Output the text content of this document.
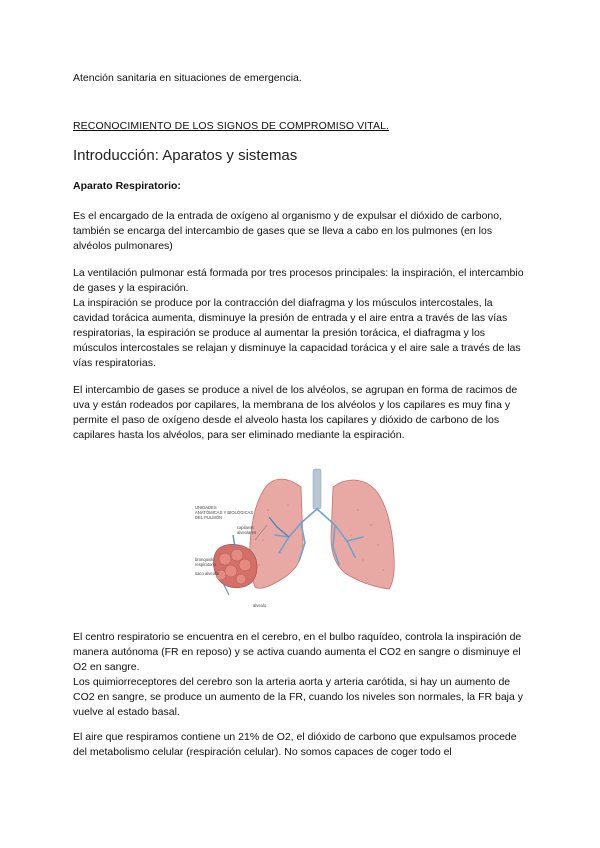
Atención sanitaria en situaciones de emergencia.
RECONOCIMIENTO DE LOS SIGNOS DE COMPROMISO VITAL.
Introducción: Aparatos y sistemas
Aparato Respiratorio:
Es el encargado de la entrada de oxígeno al organismo y de expulsar el dióxido de carbono, también se encarga del intercambio de gases que se lleva a cabo en los pulmones (en los alvéolos pulmonares)
La ventilación pulmonar está formada por tres procesos principales: la inspiración, el intercambio de gases y la espiración.
La inspiración se produce por la contracción del diafragma y los músculos intercostales, la cavidad torácica aumenta, disminuye la presión de entrada y el aire entra a través de las vías respiratorias, la espiración se produce al aumentar la presión torácica, el diafragma y los músculos intercostales se relajan y disminuye la capacidad torácica y el aire sale a través de las vías respiratorias.
El intercambio de gases se produce a nivel de los alvéolos, se agrupan en forma de racimos de uva y están rodeados por capilares, la membrana de los alvéolos y los capilares es muy fina y permite el paso de oxígeno desde el alveolo hasta los capilares y dióxido de carbono de los capilares hasta los alvéolos, para ser eliminado mediante la espiración.
UNIDADES
ANATÓMICAS Y BIOLÓGICAS
DEL PULMÓN
capilares
alveolares
bronquiolo
respiratorio
saco alveolar
alveolo
El centro respiratorio se encuentra en el cerebro, en el bulbo raquídeo, controla la inspiración de manera autónoma (FR en reposo) y se activa cuando aumenta el CO2 en sangre o disminuye el O2 en sangre.
Los quimiorreceptores del cerebro son la arteria aorta y arteria carótida, si hay un aumento de CO2 en sangre, se produce un aumento de la FR, cuando los niveles son normales, la FR baja y vuelve al estado basal.
El aire que respiramos contiene un 21% de O2, el dióxido de carbono que expulsamos procede del metabolismo celular (respiración celular). No somos capaces de coger todo el
